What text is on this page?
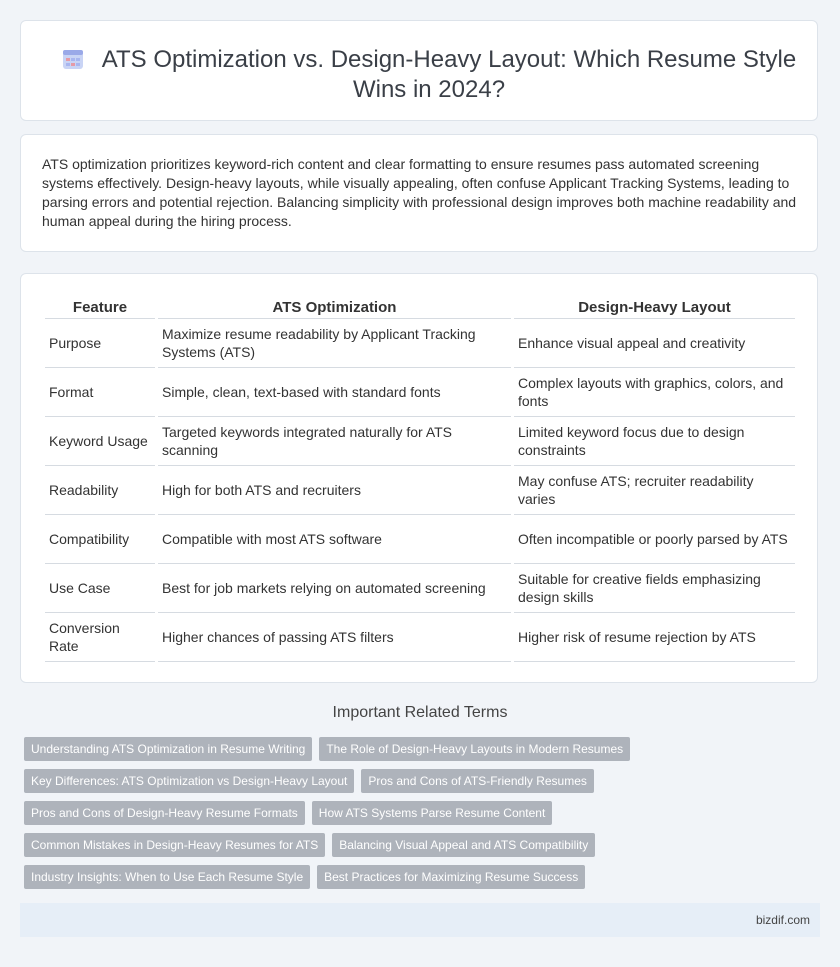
ATS Optimization vs. Design-Heavy Layout: Which Resume Style Wins in 2024?

ATS optimization prioritizes keyword-rich content and clear formatting to ensure resumes pass automated screening systems effectively. Design-heavy layouts, while visually appealing, often confuse Applicant Tracking Systems, leading to parsing errors and potential rejection. Balancing simplicity with professional design improves both machine readability and human appeal during the hiring process.

Feature	ATS Optimization	Design-Heavy Layout
Purpose	Maximize resume readability by Applicant Tracking Systems (ATS)	Enhance visual appeal and creativity
Format	Simple, clean, text-based with standard fonts	Complex layouts with graphics, colors, and fonts
Keyword Usage	Targeted keywords integrated naturally for ATS scanning	Limited keyword focus due to design constraints
Readability	High for both ATS and recruiters	May confuse ATS; recruiter readability varies
Compatibility	Compatible with most ATS software	Often incompatible or poorly parsed by ATS
Use Case	Best for job markets relying on automated screening	Suitable for creative fields emphasizing design skills
Conversion Rate	Higher chances of passing ATS filters	Higher risk of resume rejection by ATS
Important Related Terms
Understanding ATS Optimization in Resume Writing The Role of Design-Heavy Layouts in Modern Resumes
Key Differences: ATS Optimization vs Design-Heavy Layout Pros and Cons of ATS-Friendly Resumes
Pros and Cons of Design-Heavy Resume Formats How ATS Systems Parse Resume Content
Common Mistakes in Design-Heavy Resumes for ATS Balancing Visual Appeal and ATS Compatibility
Industry Insights: When to Use Each Resume Style Best Practices for Maximizing Resume Success
bizdif.com
